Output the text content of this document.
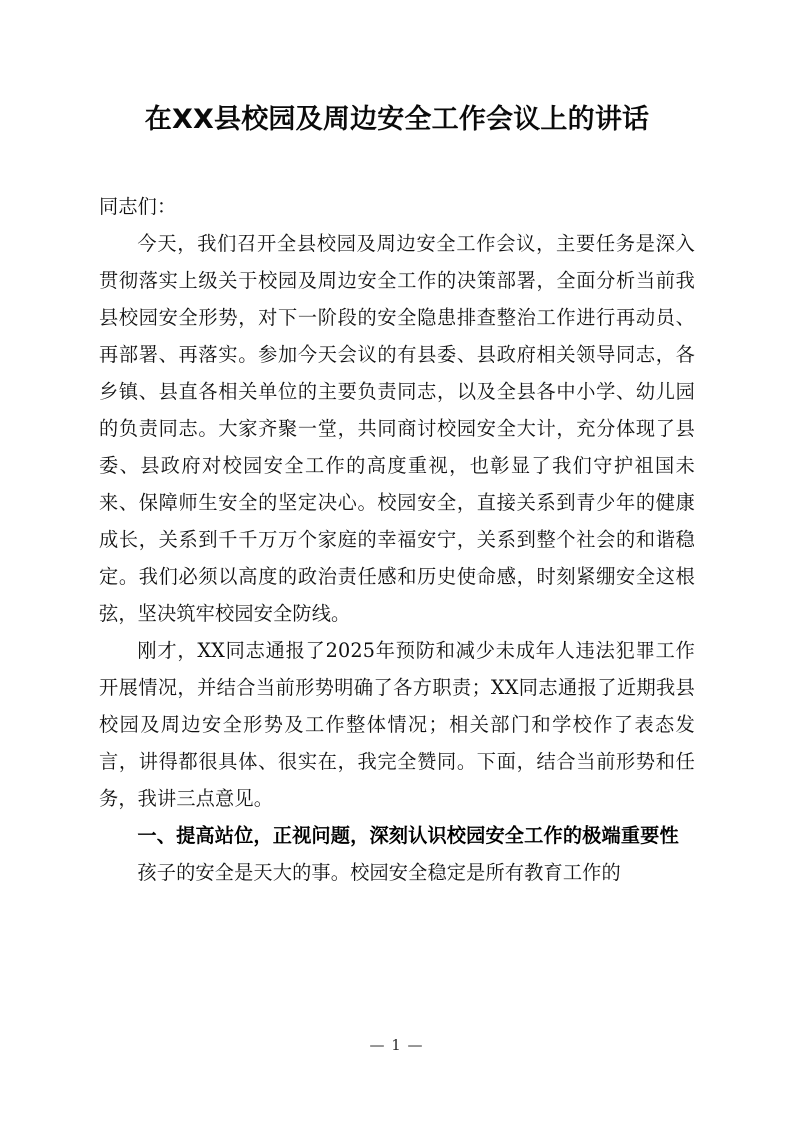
在XX县校园及周边安全工作会议上的讲话

同志们：

今天，我们召开全县校园及周边安全工作会议，主要任务是深入贯彻落实上级关于校园及周边安全工作的决策部署，全面分析当前我县校园安全形势，对下一阶段的安全隐患排查整治工作进行再动员、再部署、再落实。参加今天会议的有县委、县政府相关领导同志，各乡镇、县直各相关单位的主要负责同志，以及全县各中小学、幼儿园的负责同志。大家齐聚一堂，共同商讨校园安全大计，充分体现了县委、县政府对校园安全工作的高度重视，也彰显了我们守护祖国未来、保障师生安全的坚定决心。校园安全，直接关系到青少年的健康成长，关系到千千万万个家庭的幸福安宁，关系到整个社会的和谐稳定。我们必须以高度的政治责任感和历史使命感，时刻紧绷安全这根弦，坚决筑牢校园安全防线。

刚才，XX同志通报了2025年预防和减少未成年人违法犯罪工作开展情况，并结合当前形势明确了各方职责；XX同志通报了近期我县校园及周边安全形势及工作整体情况；相关部门和学校作了表态发言，讲得都很具体、很实在，我完全赞同。下面，结合当前形势和任务，我讲三点意见。

一、提高站位，正视问题，深刻认识校园安全工作的极端重要性

孩子的安全是天大的事。校园安全稳定是所有教育工作的

— 1 —
